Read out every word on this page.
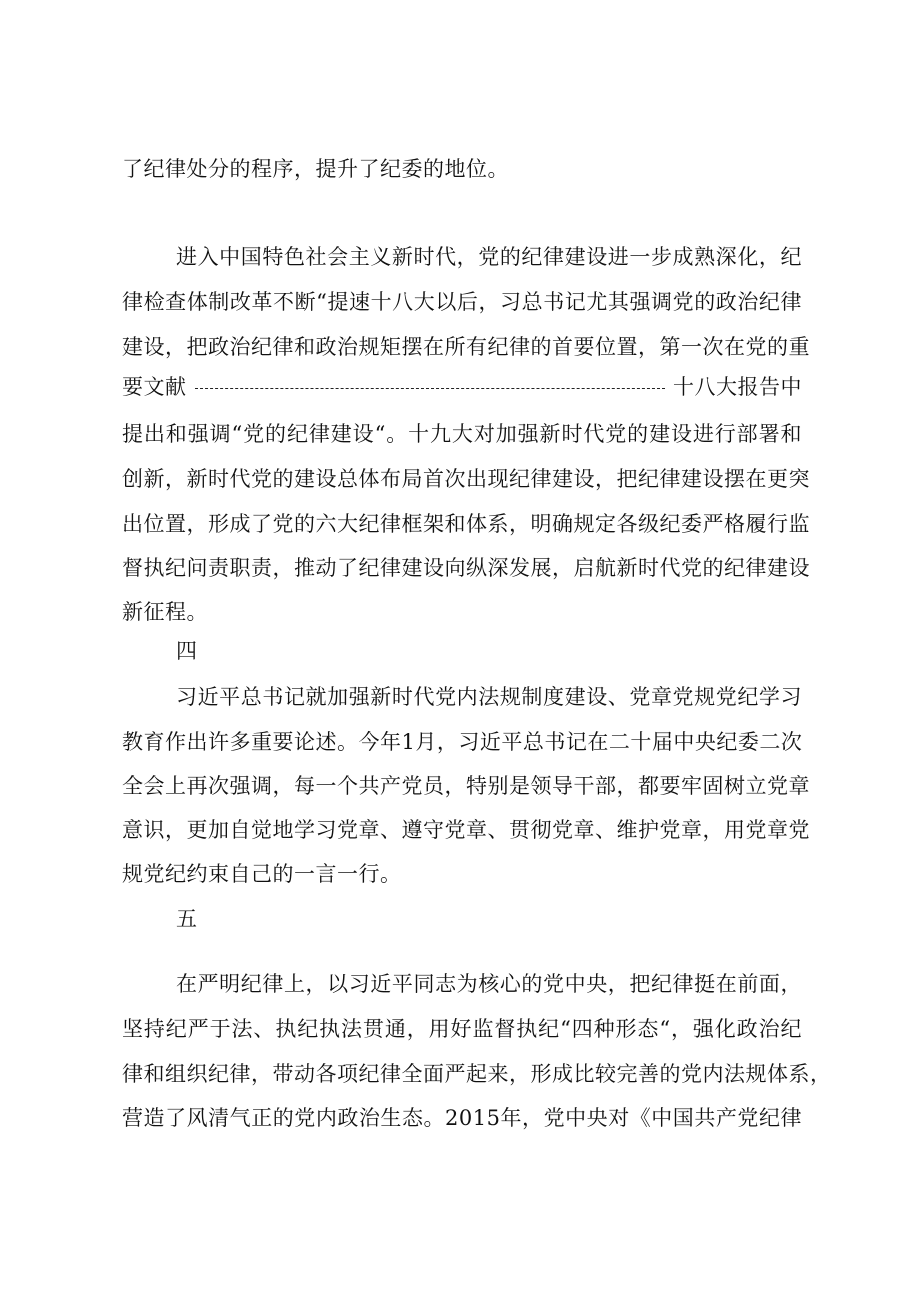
了纪律处分的程序，提升了纪委的地位。
进入中国特色社会主义新时代，党的纪律建设进一步成熟深化，纪
律检查体制改革不断“提速十八大以后，习总书记尤其强调党的政治纪律
建设，把政治纪律和政治规矩摆在所有纪律的首要位置，第一次在党的重
要文献	十八大报告中
提出和强调“党的纪律建设“。十九大对加强新时代党的建设进行部署和
创新，新时代党的建设总体布局首次出现纪律建设，把纪律建设摆在更突
出位置，形成了党的六大纪律框架和体系，明确规定各级纪委严格履行监
督执纪问责职责，推动了纪律建设向纵深发展，启航新时代党的纪律建设
新征程。
四
习近平总书记就加强新时代党内法规制度建设、党章党规党纪学习
教育作出许多重要论述。今年1月，习近平总书记在二十届中央纪委二次
全会上再次强调，每一个共产党员，特别是领导干部，都要牢固树立党章
意识，更加自觉地学习党章、遵守党章、贯彻党章、维护党章，用党章党
规党纪约束自己的一言一行。
五
在严明纪律上，以习近平同志为核心的党中央，把纪律挺在前面，
坚持纪严于法、执纪执法贯通，用好监督执纪“四种形态“，强化政治纪
律和组织纪律，带动各项纪律全面严起来，形成比较完善的党内法规体系，
营造了风清气正的党内政治生态。2015年，党中央对《中国共产党纪律
